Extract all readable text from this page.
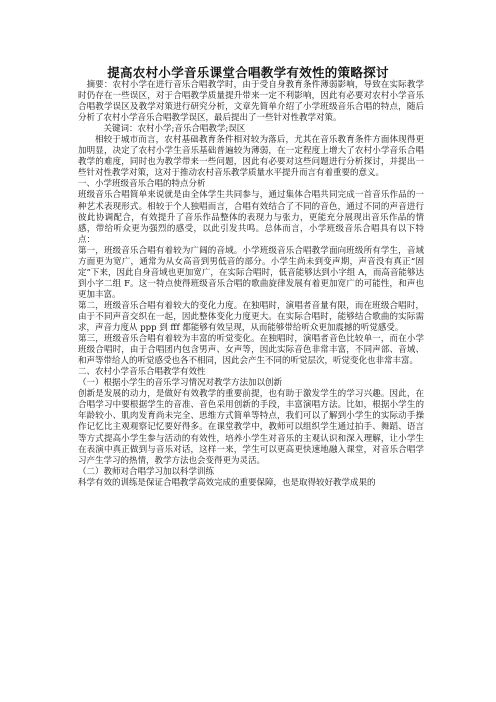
提高农村小学音乐课堂合唱教学有效性的策略探讨

摘要：农村小学在进行音乐合唱教学时，由于受自身教育条件薄弱影响，导致在实际教学时仍存在一些误区，对于合唱教学质量提升带来一定不利影响，因此有必要对农村小学音乐合唱教学误区及教学对策进行研究分析，文章先简单介绍了小学班级音乐合唱的特点，随后分析了农村小学音乐合唱教学误区，最后提出了一些针对性教学对策。

关键词：农村小学;音乐合唱教学;误区

相较于城市而言，农村基础教育条件相对较为落后，尤其在音乐教育条件方面体现得更加明显，决定了农村小学生音乐基础普遍较为薄弱，在一定程度上增大了农村小学音乐合唱教学的难度，同时也为教学带来一些问题，因此有必要对这些问题进行分析探讨，并提出一些针对性教学对策，这对于推动农村音乐教学质量水平提升而言有着重要的意义。

一、小学班级音乐合唱的特点分析

班级音乐合唱简单来说就是由全体学生共同参与，通过集体合唱共同完成一首音乐作品的一种艺术表现形式。相较于个人独唱而言，合唱有效结合了不同的音色，通过不同的声音进行彼此协调配合，有效提升了音乐作品整体的表现力与张力，更能充分展现出音乐作品的情感，带给听众更为强烈的感受，以此引发共鸣。总体而言，小学班级音乐合唱具有以下特点：

第一，班级音乐合唱有着较为广阔的音域。小学班级音乐合唱教学面向班级所有学生，音域方面更为宽广，通常为从女高音到男低音的部分。小学生尚未到变声期，声音没有真正“固定”下来，因此自身音域也更加宽广，在实际合唱时，低音能够达到小字组 A，而高音能够达到小字二组 F。这一特点使得班级音乐合唱的歌曲旋律发展有着更加宽广的可能性，和声也更加丰富。

第二，班级音乐合唱有着较大的变化力度。在独唱时，演唱者音量有限，而在班级合唱时，由于不同声音交织在一起，因此整体变化力度更大。在实际合唱时，能够结合歌曲的实际需求，声音力度从 ppp 到 fff 都能够有效呈现，从而能够带给听众更加震撼的听觉感受。

第三，班级音乐合唱有着较为丰富的听觉变化。在独唱时，演唱者音色比较单一，而在小学班级合唱时，由于合唱团内包含男声、女声等，因此实际音色非常丰富，不同声部、音域、和声等带给人的听觉感受也各不相同，因此会产生不同的听觉层次，听觉变化也非常丰富。

二、农村小学音乐合唱教学有效性

（一）根据小学生的音乐学习情况对教学方法加以创新

创新是发展的动力，是做好有效教学的重要前提，也有助于激发学生的学习兴趣。因此，在合唱学习中要根据学生的音准、音色采用创新的手段，丰富演唱方法。比如，根据小学生的年龄较小、肌肉发育尚未完全、思维方式简单等特点，我们可以了解到小学生的实际动手操作记忆比主观观察记忆要好得多。在课堂教学中，教师可以组织学生通过拍手、舞蹈、语言等方式提高小学生参与活动的有效性，培养小学生对音乐的主观认识和深入理解，让小学生在表演中真正做到与音乐对话，这样一来，学生可以更高更快速地融入课堂，对音乐合唱学习产生学习的热情，教学方法也会变得更为灵活。

（二）教师对合唱学习加以科学训练

科学有效的训练是保证合唱教学高效完成的重要保障，也是取得较好教学成果的
